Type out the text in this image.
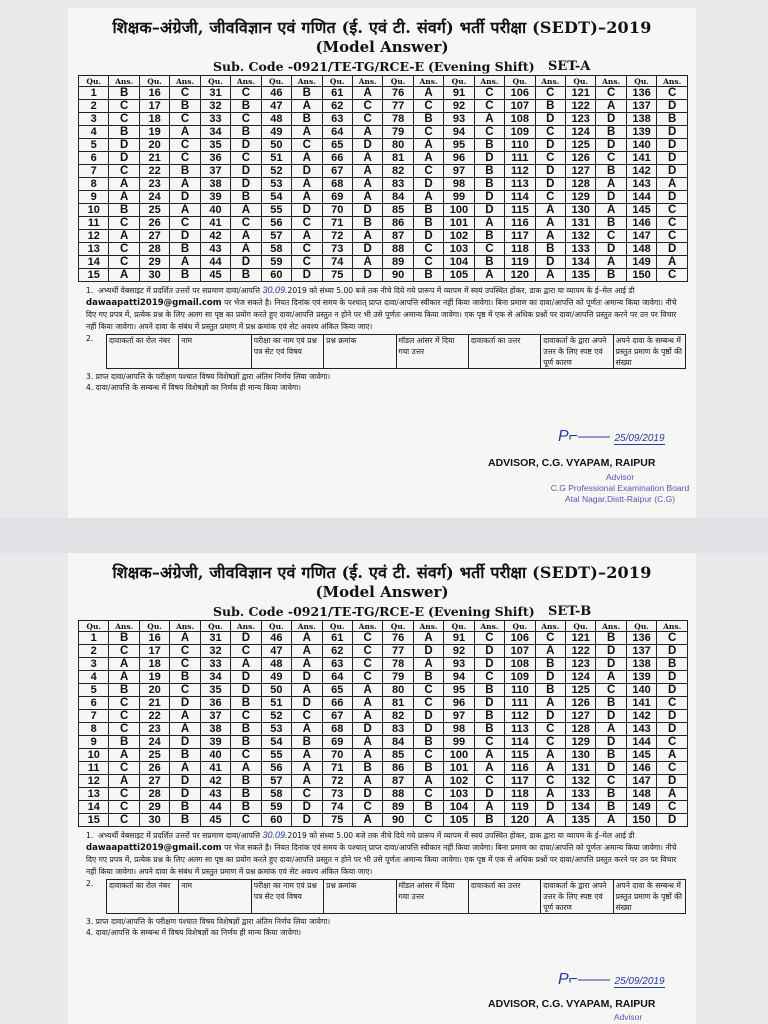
शिक्षक–अंग्रेजी, जीवविज्ञान एवं गणित (ई. एवं टी. संवर्ग) भर्ती परीक्षा (SEDT)–2019
(Model Answer)
Sub. Code -0921/TE-TG/RCE-E (Evening Shift) SET-A
Qu.	Ans.	Qu.	Ans.	Qu.	Ans.	Qu.	Ans.	Qu.	Ans.	Qu.	Ans.	Qu.	Ans.	Qu.	Ans.	Qu.	Ans.	Qu.	Ans.
1	B	16	C	31	C	46	B	61	A	76	A	91	C	106	C	121	C	136	C
2	C	17	B	32	B	47	A	62	C	77	C	92	C	107	B	122	A	137	D
3	C	18	C	33	C	48	B	63	C	78	B	93	A	108	D	123	D	138	B
4	B	19	A	34	B	49	A	64	A	79	C	94	C	109	C	124	B	139	D
5	D	20	C	35	D	50	C	65	D	80	A	95	B	110	D	125	D	140	D
6	D	21	C	36	C	51	A	66	A	81	A	96	D	111	C	126	C	141	D
7	C	22	B	37	D	52	D	67	A	82	C	97	B	112	D	127	B	142	D
8	A	23	A	38	D	53	A	68	A	83	D	98	B	113	D	128	A	143	A
9	A	24	D	39	B	54	A	69	A	84	A	99	D	114	C	129	D	144	D
10	B	25	A	40	A	55	D	70	D	85	B	100	D	115	A	130	A	145	C
11	C	26	C	41	C	56	C	71	B	86	B	101	A	116	A	131	B	146	C
12	A	27	D	42	A	57	A	72	A	87	D	102	B	117	A	132	C	147	C
13	C	28	B	43	A	58	C	73	D	88	C	103	C	118	B	133	D	148	D
14	C	29	A	44	D	59	C	74	A	89	C	104	B	119	D	134	A	149	A
15	A	30	B	45	B	60	D	75	D	90	B	105	A	120	A	135	B	150	C
1. अभ्यर्थी वेबसाइट में प्रदर्शित उत्तरों पर सप्रमाण दावा/आपत्ति 30.09.2019 को संध्या 5.00 बजे तक नीचे दिये गये प्रारूप में व्यापम में स्वयं उपस्थित होकर, डाक द्वारा या व्यापम के ई–मेल आई डी dawaapatti2019@gmail.com पर भेज सकते है। नियत दिनांक एवं समय के पश्चात् प्राप्त दावा/आपत्ति स्वीकार नहीं किया जावेगा। बिना प्रमाण का दावा/आपत्ति को पूर्णतः अमान्य किया जावेगा। नीचे दिए गए प्रपत्र में, प्रत्येक प्रश्न के लिए अलग सा पृष्ठ का प्रयोग करते हुए दावा/आपत्ति प्रस्तुत न होने पर भी उसे पूर्णतः अमान्य किया जावेगा। एक पृष्ठ में एक से अधिक प्रश्नों पर दावा/आपत्ति प्रस्तुत करने पर उन पर विचार नहीं किया जावेगा। अपने दावा के संबंध में प्रस्तुत प्रमाण में प्रश्न क्रमांक एवं सेट अवश्य अंकित किया जाए।
2. दावाकर्ता का रोल नंबर	नाम	परीक्षा का नाम एवं प्रश्न पत्र सेट एवं विषय	प्रश्न क्रमांक	मॉडल आंसर में दिया गया उत्तर	दावाकर्ता का उत्तर	दावाकर्ता के द्वारा अपने उत्तर के लिए स्पष्ट एवं पूर्ण कारण	अपने दावा के सम्बन्ध में प्रस्तुत प्रमाण के पृष्ठों की संख्या
3. प्राप्त दावा/आपत्ति के परीक्षण पश्चात विषय विशेषज्ञों द्वारा अंतिम निर्णय लिया जावेगा।
4. दावा/आपत्ति के सम्बन्ध में विषय विशेषज्ञों का निर्णय ही मान्य किया जावेगा।
P⌐—— 25/09/2019
ADVISOR, C.G. VYAPAM, RAIPUR
Advisor
C.G Professional Examination Board
Atal Nagar,Distt-Raipur (C.G)
शिक्षक–अंग्रेजी, जीवविज्ञान एवं गणित (ई. एवं टी. संवर्ग) भर्ती परीक्षा (SEDT)–2019
(Model Answer)
Sub. Code -0921/TE-TG/RCE-E (Evening Shift) SET-B
Qu.	Ans.	Qu.	Ans.	Qu.	Ans.	Qu.	Ans.	Qu.	Ans.	Qu.	Ans.	Qu.	Ans.	Qu.	Ans.	Qu.	Ans.	Qu.	Ans.
1	B	16	A	31	D	46	A	61	C	76	A	91	C	106	C	121	B	136	C
2	C	17	C	32	C	47	A	62	C	77	D	92	D	107	A	122	D	137	D
3	A	18	C	33	A	48	A	63	C	78	A	93	D	108	B	123	D	138	B
4	A	19	B	34	D	49	D	64	C	79	B	94	C	109	D	124	A	139	D
5	B	20	C	35	D	50	A	65	A	80	C	95	B	110	B	125	C	140	D
6	C	21	D	36	B	51	D	66	A	81	C	96	D	111	A	126	B	141	C
7	C	22	A	37	C	52	C	67	A	82	D	97	B	112	D	127	D	142	D
8	C	23	A	38	B	53	A	68	D	83	D	98	B	113	C	128	A	143	D
9	B	24	D	39	B	54	B	69	A	84	B	99	C	114	C	129	D	144	C
10	A	25	B	40	C	55	A	70	A	85	C	100	A	115	A	130	B	145	A
11	C	26	A	41	A	56	A	71	B	86	B	101	A	116	A	131	D	146	C
12	A	27	D	42	B	57	A	72	A	87	A	102	C	117	C	132	C	147	D
13	C	28	D	43	B	58	C	73	D	88	C	103	D	118	A	133	B	148	A
14	C	29	B	44	B	59	D	74	C	89	B	104	A	119	D	134	B	149	C
15	C	30	B	45	C	60	D	75	A	90	C	105	B	120	A	135	A	150	D
1. अभ्यर्थी वेबसाइट में प्रदर्शित उत्तरों पर सप्रमाण दावा/आपत्ति 30.09.2019 को संध्या 5.00 बजे तक नीचे दिये गये प्रारूप में व्यापम में स्वयं उपस्थित होकर, डाक द्वारा या व्यापम के ई–मेल आई डी dawaapatti2019@gmail.com पर भेज सकते है। नियत दिनांक एवं समय के पश्चात् प्राप्त दावा/आपत्ति स्वीकार नहीं किया जावेगा। बिना प्रमाण का दावा/आपत्ति को पूर्णतः अमान्य किया जावेगा। नीचे दिए गए प्रपत्र में, प्रत्येक प्रश्न के लिए अलग सा पृष्ठ का प्रयोग करते हुए दावा/आपत्ति प्रस्तुत न होने पर भी उसे पूर्णतः अमान्य किया जावेगा। एक पृष्ठ में एक से अधिक प्रश्नों पर दावा/आपत्ति प्रस्तुत करने पर उन पर विचार नहीं किया जावेगा। अपने दावा के संबंध में प्रस्तुत प्रमाण में प्रश्न क्रमांक एवं सेट अवश्य अंकित किया जाए।
2. दावाकर्ता का रोल नंबर	नाम	परीक्षा का नाम एवं प्रश्न पत्र सेट एवं विषय	प्रश्न क्रमांक	मॉडल आंसर में दिया गया उत्तर	दावाकर्ता का उत्तर	दावाकर्ता के द्वारा अपने उत्तर के लिए स्पष्ट एवं पूर्ण कारण	अपने दावा के सम्बन्ध में प्रस्तुत प्रमाण के पृष्ठों की संख्या
3. प्राप्त दावा/आपत्ति के परीक्षण पश्चात विषय विशेषज्ञों द्वारा अंतिम निर्णय लिया जावेगा।
4. दावा/आपत्ति के सम्बन्ध में विषय विशेषज्ञों का निर्णय ही मान्य किया जावेगा।
P⌐—— 25/09/2019
ADVISOR, C.G. VYAPAM, RAIPUR
Advisor
